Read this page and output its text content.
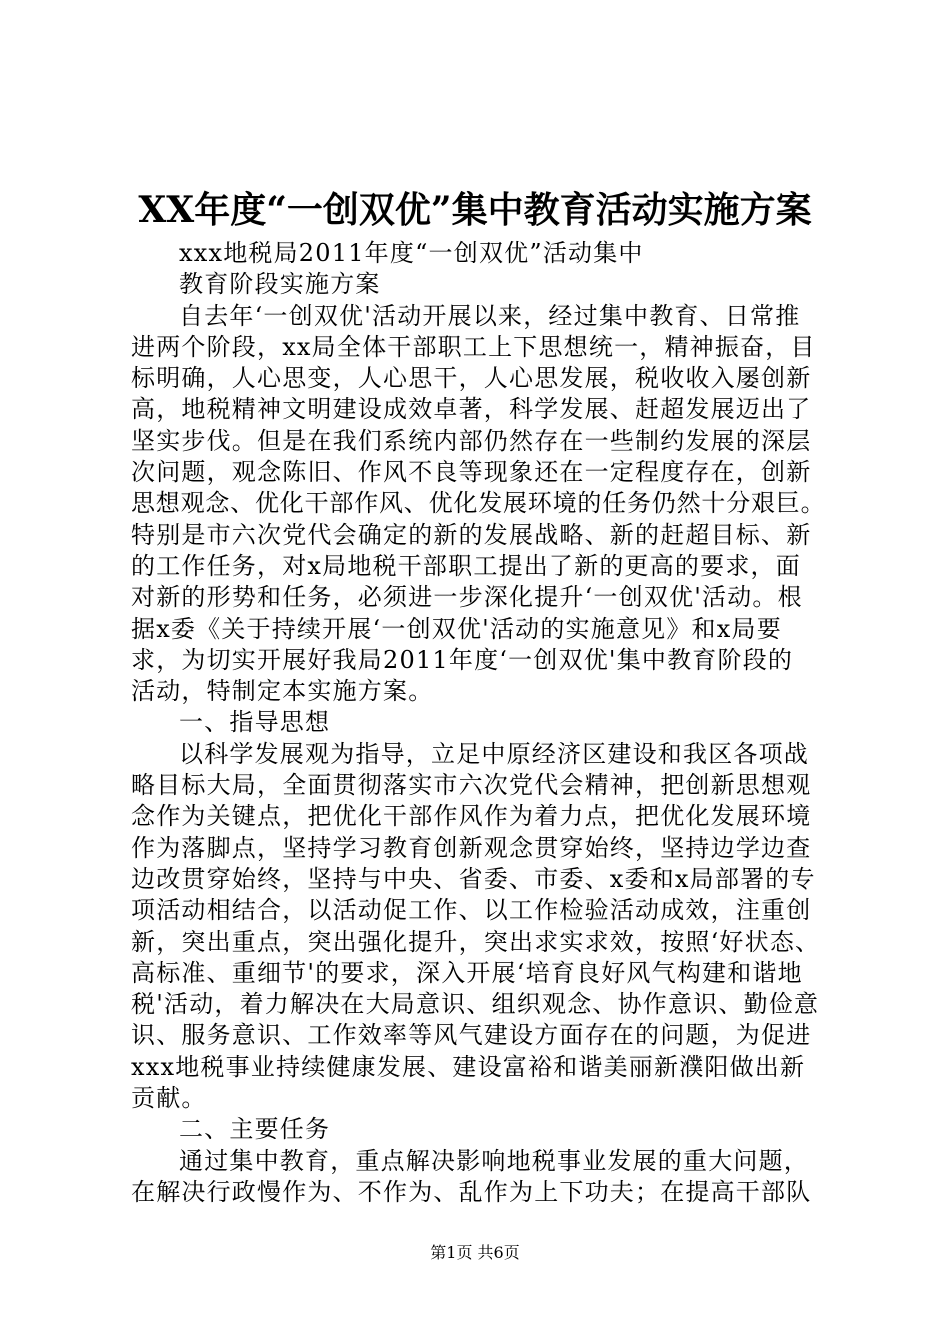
XX年度“一创双优”集中教育活动实施方案
xxx地税局2011年度“一创双优”活动集中
教育阶段实施方案
自去年‘一创双优'活动开展以来，经过集中教育、日常推
进两个阶段，xx局全体干部职工上下思想统一，精神振奋，目
标明确，人心思变，人心思干，人心思发展，税收收入屡创新
高，地税精神文明建设成效卓著，科学发展、赶超发展迈出了
坚实步伐。但是在我们系统内部仍然存在一些制约发展的深层
次问题，观念陈旧、作风不良等现象还在一定程度存在，创新
思想观念、优化干部作风、优化发展环境的任务仍然十分艰巨。
特别是市六次党代会确定的新的发展战略、新的赶超目标、新
的工作任务，对x局地税干部职工提出了新的更高的要求，面
对新的形势和任务，必须进一步深化提升‘一创双优'活动。根
据x委《关于持续开展‘一创双优'活动的实施意见》和x局要
求，为切实开展好我局2011年度‘一创双优'集中教育阶段的
活动，特制定本实施方案。
一、指导思想
以科学发展观为指导，立足中原经济区建设和我区各项战
略目标大局，全面贯彻落实市六次党代会精神，把创新思想观
念作为关键点，把优化干部作风作为着力点，把优化发展环境
作为落脚点，坚持学习教育创新观念贯穿始终，坚持边学边查
边改贯穿始终，坚持与中央、省委、市委、x委和x局部署的专
项活动相结合，以活动促工作、以工作检验活动成效，注重创
新，突出重点，突出强化提升，突出求实求效，按照‘好状态、
高标准、重细节'的要求，深入开展‘培育良好风气构建和谐地
税'活动，着力解决在大局意识、组织观念、协作意识、勤俭意
识、服务意识、工作效率等风气建设方面存在的问题，为促进
xxx地税事业持续健康发展、建设富裕和谐美丽新濮阳做出新
贡献。
二、主要任务
通过集中教育，重点解决影响地税事业发展的重大问题，
在解决行政慢作为、不作为、乱作为上下功夫；在提高干部队
第1页 共6页
